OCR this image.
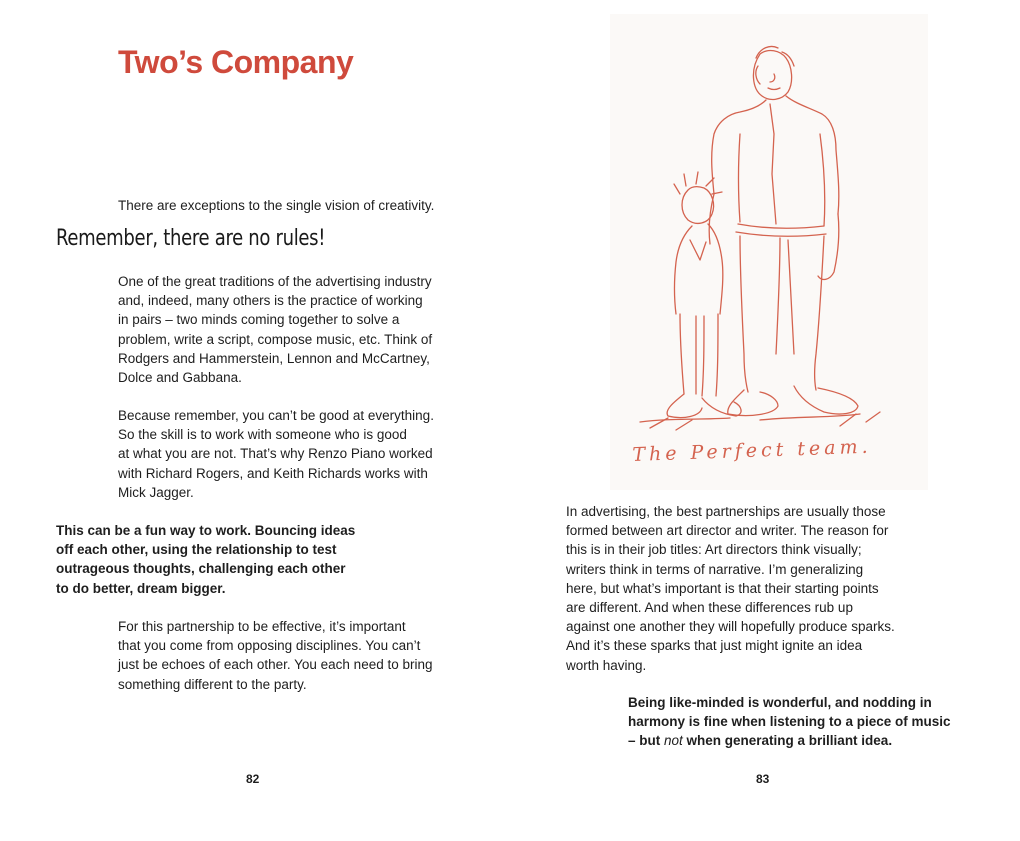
Two’s Company

There are exceptions to the single vision of creativity.

Remember, there are no rules!

One of the great traditions of the advertising industry
and, indeed, many others is the practice of working
in pairs – two minds coming together to solve a
problem, write a script, compose music, etc. Think of
Rodgers and Hammerstein, Lennon and McCartney,
Dolce and Gabbana.

Because remember, you can’t be good at everything.
So the skill is to work with someone who is good
at what you are not. That’s why Renzo Piano worked
with Richard Rogers, and Keith Richards works with
Mick Jagger.

This can be a fun way to work. Bouncing ideas
off each other, using the relationship to test
outrageous thoughts, challenging each other
to do better, dream bigger.

For this partnership to be effective, it’s important
that you come from opposing disciplines. You can’t
just be echoes of each other. You each need to bring
something different to the party.

82

The Perfect team.

In advertising, the best partnerships are usually those
formed between art director and writer. The reason for
this is in their job titles: Art directors think visually;
writers think in terms of narrative. I’m generalizing
here, but what’s important is that their starting points
are different. And when these differences rub up
against one another they will hopefully produce sparks.
And it’s these sparks that just might ignite an idea
worth having.

Being like-minded is wonderful, and nodding in
harmony is fine when listening to a piece of music
– but not when generating a brilliant idea.

83
